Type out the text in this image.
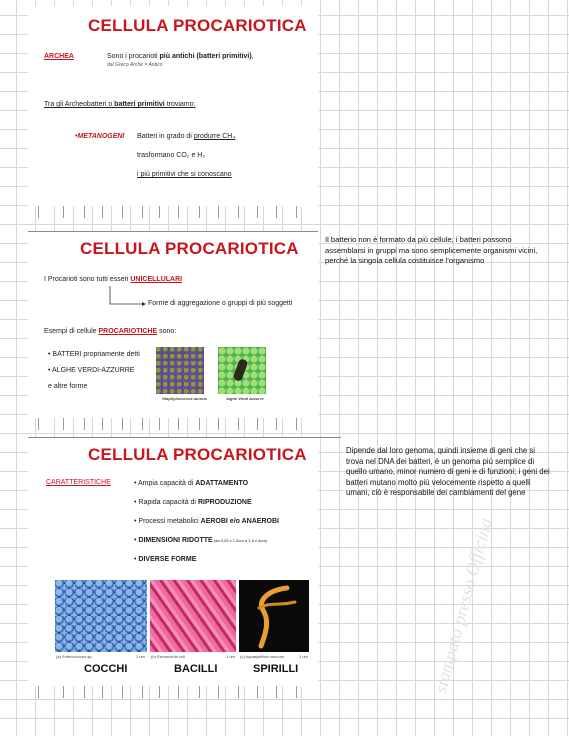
CELLULA PROCARIOTICA
ARCHEA	Sono i procarioti più antichi (batteri primitivi),
dal Greco Archè = Antico
Tra gli Archeobatteri o batteri primitivi troviamo:
•METANOGENI Batteri in grado di produrre CH₄
trasformano CO₂ e H₂
i più primitivi che si conoscano
CELLULA PROCARIOTICA
I Procarioti sono tutti esseri UNICELLULARI
Forme di aggregazione o gruppi di più soggetti
Esempi di cellule PROCARIOTICHE sono:
• BATTERI propriamente detti
• ALGHE VERDI-AZZURRE
e altre forme
Staphylococcus aureus	Alghe Verdi Azzurre
Il batterio non è formato da più cellule; i batteri possono assemblarsi in gruppi ma sono semplicemente organismi vicini, perché la singola cellula costituisce l'organismo
CELLULA PROCARIOTICA
CARATTERISTICHE	• Ampia capacità di ADATTAMENTO
• Rapida capacità di RIPRODUZIONE
• Processi metabolici AEROBI e/o ANAEROBI
• DIMENSIONI RIDOTTE (da 0,25 x 1,2um a 1,5 x 4um)
• DIVERSE FORME
(a) Enterococcus sp.	1 um (b) Escherichia coli	1 um (c) Aquaspirillum arcuum	1 um
COCCHI	BACILLI	SPIRILLI
Dipende dal loro genoma, quindi insieme di geni che si trova nel DNA dei batteri, è un genoma più semplice di quello umano, minor numero di geni e di funzioni; i geni dei batteri mutano molto più velocemente rispetto a quelli umani, ciò è responsabile dei cambiamenti del gene
stampato presso Officina
